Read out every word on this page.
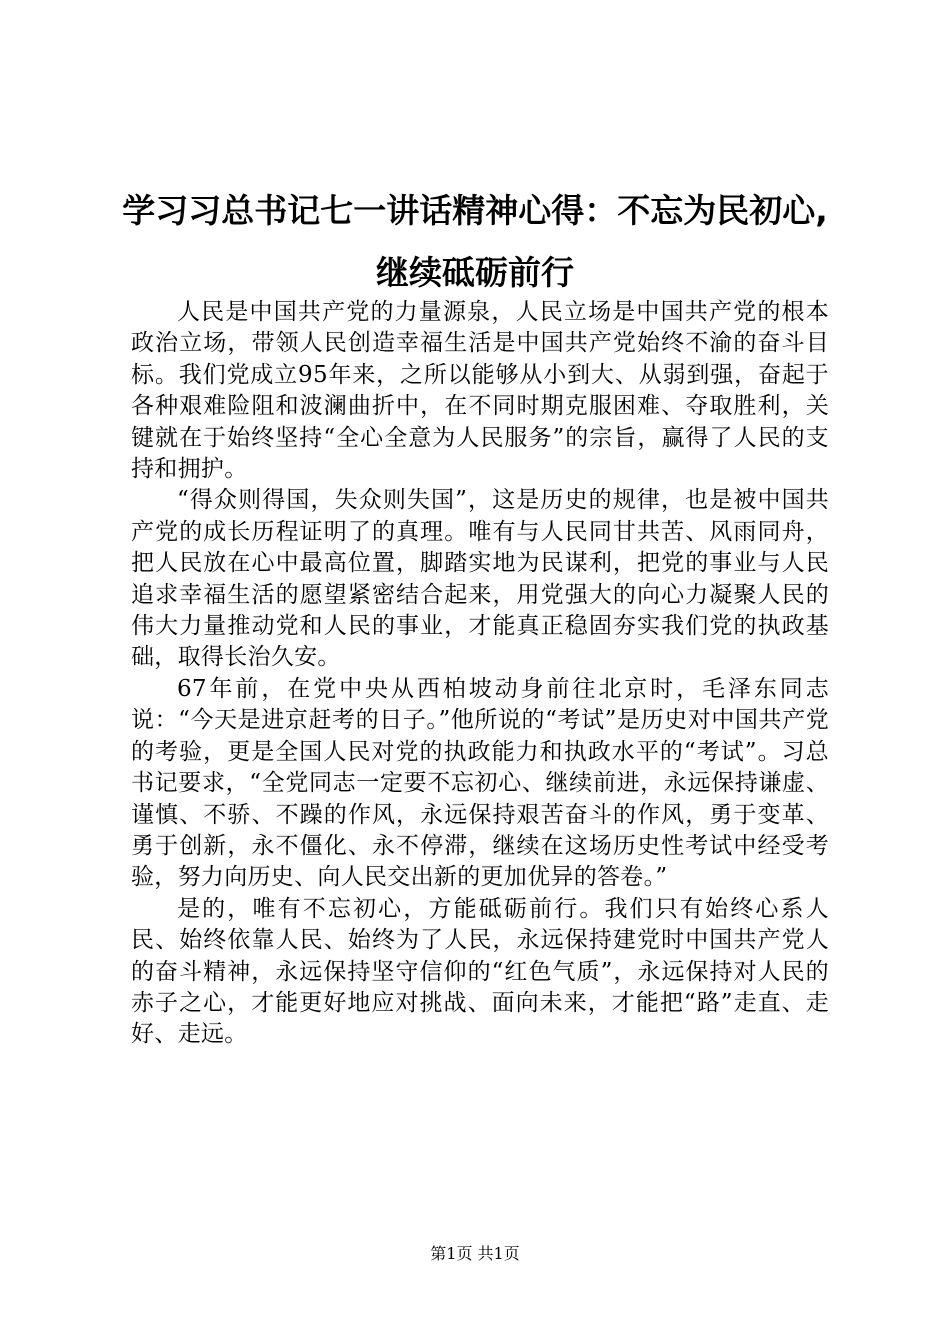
学习习总书记七一讲话精神心得：不忘为民初心,继续砥砺前行

人民是中国共产党的力量源泉，人民立场是中国共产党的根本政治立场，带领人民创造幸福生活是中国共产党始终不渝的奋斗目标。我们党成立95年来，之所以能够从小到大、从弱到强，奋起于各种艰难险阻和波澜曲折中，在不同时期克服困难、夺取胜利，关键就在于始终坚持“全心全意为人民服务”的宗旨，赢得了人民的支持和拥护。

“得众则得国，失众则失国”，这是历史的规律，也是被中国共产党的成长历程证明了的真理。唯有与人民同甘共苦、风雨同舟，把人民放在心中最高位置，脚踏实地为民谋利，把党的事业与人民追求幸福生活的愿望紧密结合起来，用党强大的向心力凝聚人民的伟大力量推动党和人民的事业，才能真正稳固夯实我们党的执政基础，取得长治久安。

67年前，在党中央从西柏坡动身前往北京时，毛泽东同志说：“今天是进京赶考的日子。”他所说的“考试”是历史对中国共产党的考验，更是全国人民对党的执政能力和执政水平的“考试”。习总书记要求，“全党同志一定要不忘初心、继续前进，永远保持谦虚、谨慎、不骄、不躁的作风，永远保持艰苦奋斗的作风，勇于变革、勇于创新，永不僵化、永不停滞，继续在这场历史性考试中经受考验，努力向历史、向人民交出新的更加优异的答卷。”

是的，唯有不忘初心，方能砥砺前行。我们只有始终心系人民、始终依靠人民、始终为了人民，永远保持建党时中国共产党人的奋斗精神，永远保持坚守信仰的“红色气质”，永远保持对人民的赤子之心，才能更好地应对挑战、面向未来，才能把“路”走直、走好、走远。

第1页 共1页
